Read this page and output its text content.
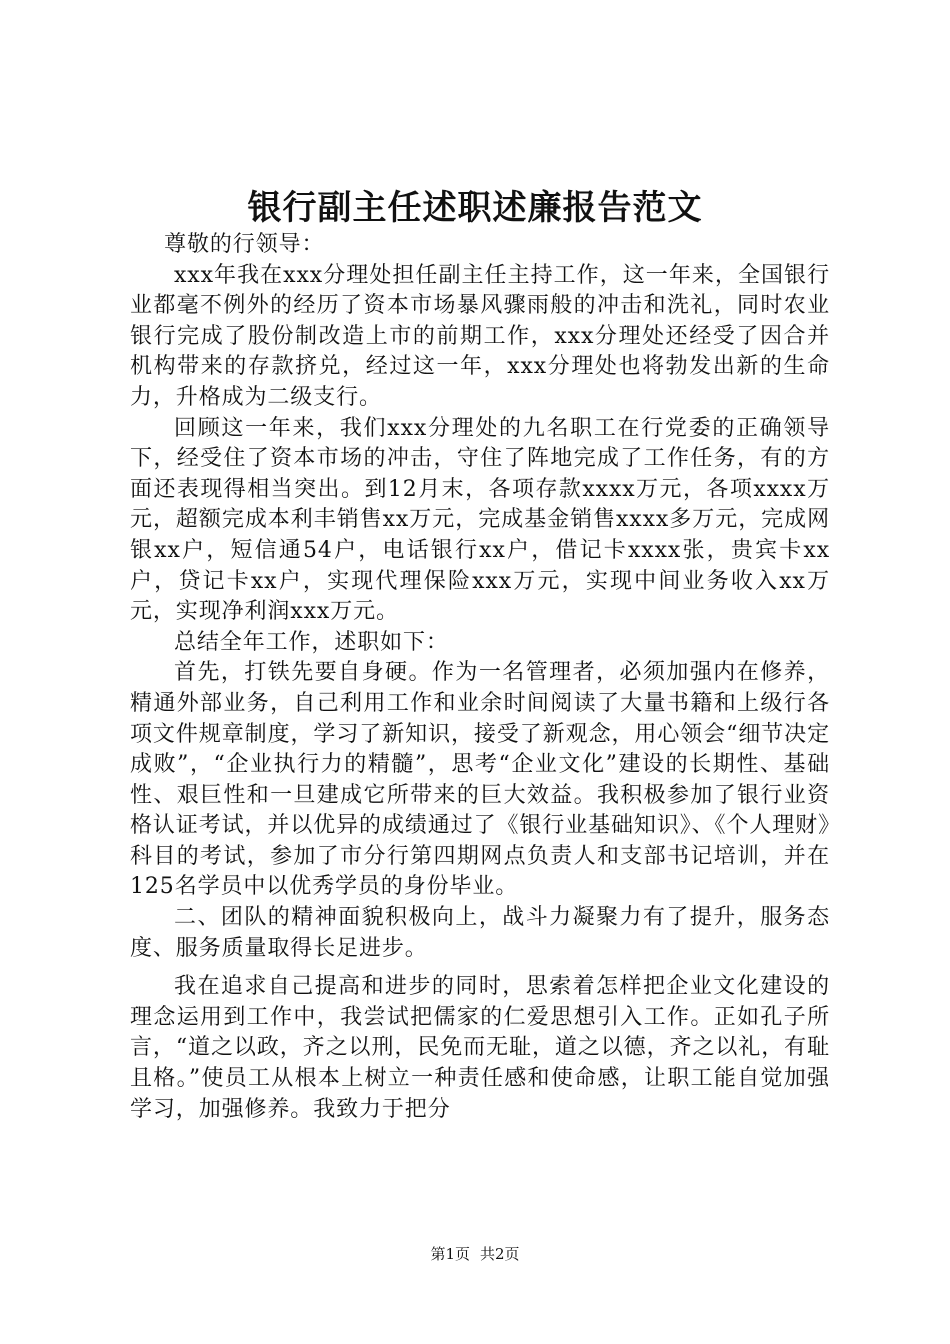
银行副主任述职述廉报告范文

尊敬的行领导：

xxx年我在xxx分理处担任副主任主持工作，这一年来，全国银行业都毫不例外的经历了资本市场暴风骤雨般的冲击和洗礼，同时农业银行完成了股份制改造上市的前期工作，xxx分理处还经受了因合并机构带来的存款挤兑，经过这一年，xxx分理处也将勃发出新的生命力，升格成为二级支行。

回顾这一年来，我们xxx分理处的九名职工在行党委的正确领导下，经受住了资本市场的冲击，守住了阵地完成了工作任务，有的方面还表现得相当突出。到12月末，各项存款xxxx万元，各项xxxx万元，超额完成本利丰销售xx万元，完成基金销售xxxx多万元，完成网银xx户，短信通54户，电话银行xx户，借记卡xxxx张，贵宾卡xx户，贷记卡xx户，实现代理保险xxx万元，实现中间业务收入xx万元，实现净利润xxx万元。

总结全年工作，述职如下：

首先，打铁先要自身硬。作为一名管理者，必须加强内在修养，精通外部业务，自己利用工作和业余时间阅读了大量书籍和上级行各项文件规章制度，学习了新知识，接受了新观念，用心领会“细节决定成败”，“企业执行力的精髓”，思考“企业文化”建设的长期性、基础性、艰巨性和一旦建成它所带来的巨大效益。我积极参加了银行业资格认证考试，并以优异的成绩通过了《银行业基础知识》、《个人理财》科目的考试，参加了市分行第四期网点负责人和支部书记培训，并在125名学员中以优秀学员的身份毕业。

二、团队的精神面貌积极向上，战斗力凝聚力有了提升，服务态度、服务质量取得长足进步。

我在追求自己提高和进步的同时，思索着怎样把企业文化建设的理念运用到工作中，我尝试把儒家的仁爱思想引入工作。正如孔子所言，“道之以政，齐之以刑，民免而无耻，道之以德，齐之以礼，有耻且格。”使员工从根本上树立一种责任感和使命感，让职工能自觉加强学习，加强修养。我致力于把分

第1页 共2页
